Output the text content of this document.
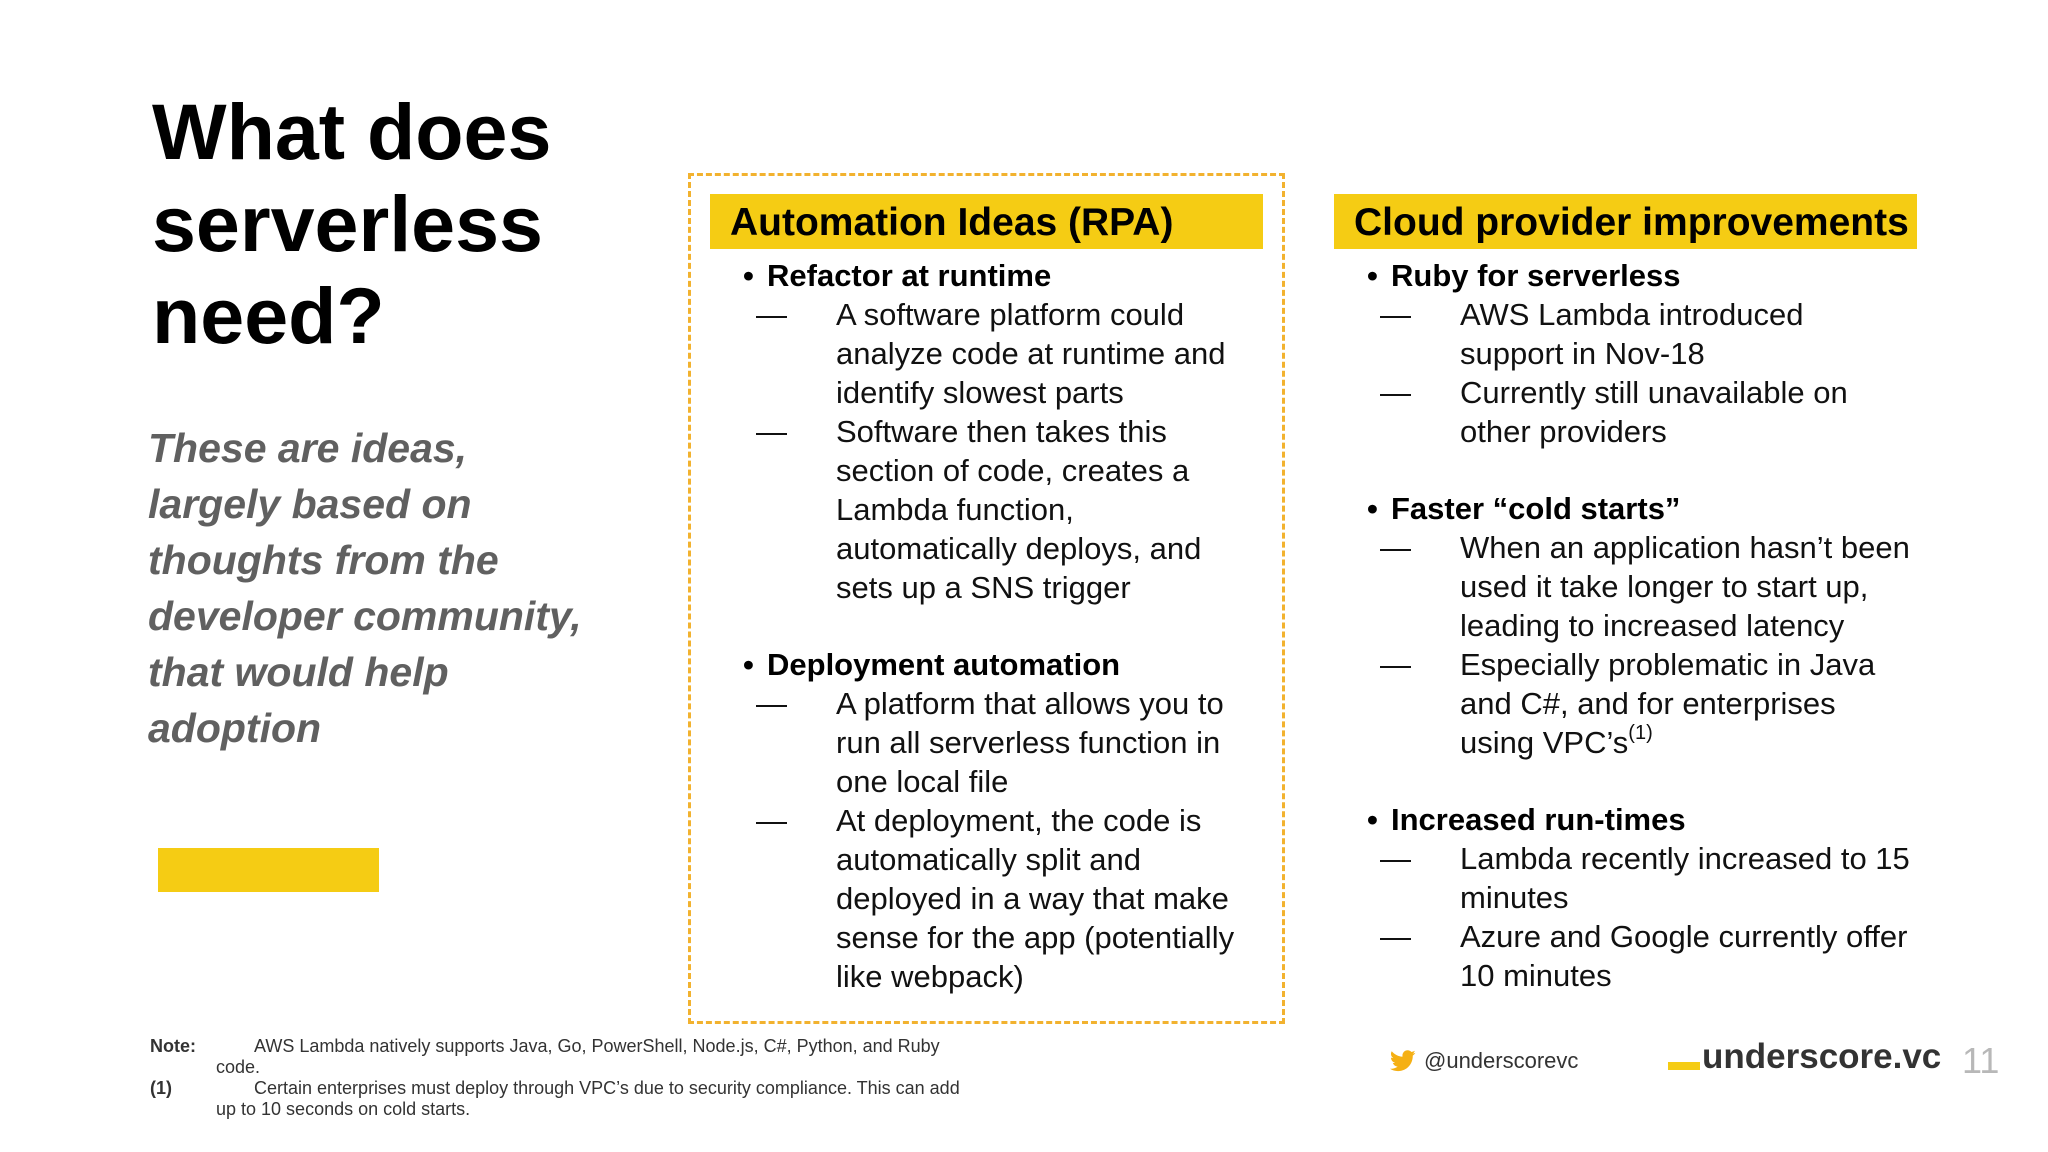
What does serverless need?
These are ideas, largely based on thoughts from the developer community, that would help adoption
Automation Ideas (RPA)
• Refactor at runtime
— A software platform could analyze code at runtime and identify slowest parts
— Software then takes this section of code, creates a Lambda function, automatically deploys, and sets up a SNS trigger
• Deployment automation
— A platform that allows you to run all serverless function in one local file
— At deployment, the code is automatically split and deployed in a way that make sense for the app (potentially like webpack)
Cloud provider improvements
• Ruby for serverless
— AWS Lambda introduced support in Nov-18
— Currently still unavailable on other providers
• Faster “cold starts”
— When an application hasn’t been used it take longer to start up, leading to increased latency
— Especially problematic in Java and C#, and for enterprises using $VPC’s^{(1)}$
• Increased run-times
— Lambda recently increased to 15 minutes
— Azure and Google currently offer 10 minutes
Note:	AWS Lambda natively supports Java, Go, PowerShell, Node.js, C#, Python, and Ruby code.
(1)	Certain enterprises must deploy through VPC’s due to security compliance. This can add up to 10 seconds on cold starts.
@underscorevc	underscore.vc 11
